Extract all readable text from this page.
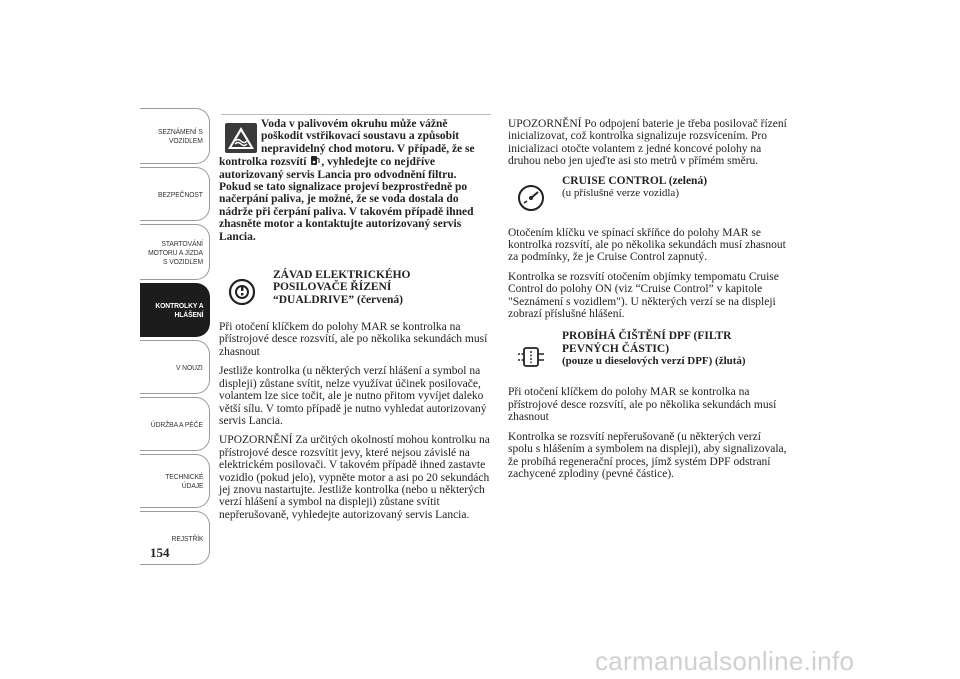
SEZNÁMENÍ S
VOZIDLEM
BEZPEČNOST
STARTOVÁNÍ
MOTORU A JÍZDA
S VOZIDLEM
KONTROLKY A
HLÁŠENÍ
V NOUZI
ÚDRŽBA A PÉČE
TECHNICKÉ
ÚDAJE
REJSTŘÍK
154
Voda v palivovém okruhu může vážně poškodit vstřikovací soustavu a způsobit nepravidelný chod motoru. V případě, že se
kontrolka rozsvítí , vyhledejte co nejdříve autorizovaný servis Lancia pro odvodnění filtru. Pokud se tato signalizace projeví bezprostředně po načerpání paliva, je možné, že se voda dostala do nádrže při čerpání paliva. V takovém případě ihned zhasněte motor a kontaktujte autorizovaný servis Lancia.
ZÁVAD ELEKTRICKÉHO
POSILOVAČE ŘÍZENÍ
“DUALDRIVE” (červená)

Při otočení klíčkem do polohy MAR se kontrolka na přístrojové desce rozsvítí, ale po několika sekundách musí zhasnout

Jestliže kontrolka (u některých verzí hlášení a symbol na displeji) zůstane svítit, nelze využívat účinek posilovače, volantem lze sice točit, ale je nutno přitom vyvíjet daleko větší sílu. V tomto případě je nutno vyhledat autorizovaný servis Lancia.

UPOZORNĚNÍ Za určitých okolností mohou kontrolku na přístrojové desce rozsvítit jevy, které nejsou závislé na elektrickém posilovači. V takovém případě ihned zastavte vozidlo (pokud jelo), vypněte motor a asi po 20 sekundách jej znovu nastartujte. Jestliže kontrolka (nebo u některých verzí hlášení a symbol na displeji) zůstane svítit nepřerušovaně, vyhledejte autorizovaný servis Lancia.

UPOZORNĚNÍ Po odpojení baterie je třeba posilovač řízení inicializovat, což kontrolka signalizuje rozsvícením. Pro inicializaci otočte volantem z jedné koncové polohy na druhou nebo jen ujeďte asi sto metrů v přímém směru.

CRUISE CONTROL (zelená)
(u příslušné verze vozidla)

Otočením klíčku ve spínací skříňce do polohy MAR se kontrolka rozsvítí, ale po několika sekundách musí zhasnout za podmínky, že je Cruise Control zapnutý.

Kontrolka se rozsvítí otočením objímky tempomatu Cruise Control do polohy ON (viz “Cruise Control” v kapitole "Seznámení s vozidlem"). U některých verzí se na displeji zobrazí příslušné hlášení.

PROBÍHÁ ČIŠTĚNÍ DPF (FILTR
PEVNÝCH ČÁSTIC)
(pouze u dieselových verzí DPF) (žlutá)

Při otočení klíčkem do polohy MAR se kontrolka na přístrojové desce rozsvítí, ale po několika sekundách musí zhasnout

Kontrolka se rozsvítí nepřerušovaně (u některých verzí spolu s hlášením a symbolem na displeji), aby signalizovala, že probíhá regenerační proces, jímž systém DPF odstraní zachycené zplodiny (pevné částice).

carmanualsonline.info
